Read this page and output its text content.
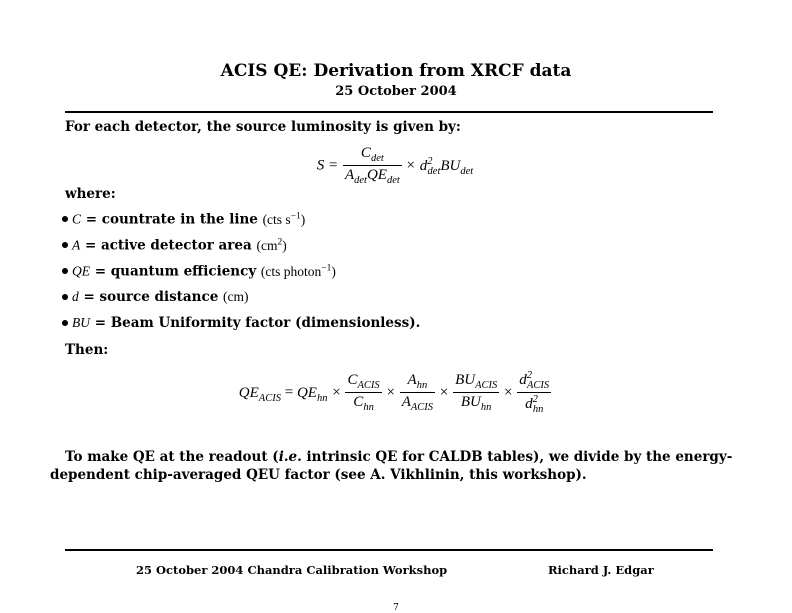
ACIS QE: Derivation from XRCF data
25 October 2004
For each detector, the source luminosity is given by:
$S = \frac{C_{det}}{A_{det}QE_{det}} \times d^2_{det}BU_{det}$
where:
C = countrate in the line (cts $s^{-1}$)
A = active detector area $(cm^2)$
QE = quantum efficiency (cts photon$^{-1}$)
d = source distance (cm)
BU = Beam Uniformity factor (dimensionless).
Then:
$QE_{ACIS} = QE_{hn} \times \frac{C_{ACIS}}{C_{hn}} \times \frac{A_{hn}}{A_{ACIS}} \times \frac{BU_{ACIS}}{BU_{hn}} \times \frac{d^2_{ACIS}}{d^2_{hn}}$
To make QE at the readout (i.e. intrinsic QE for CALDB tables), we divide by the energy-
dependent chip-averaged QEU factor (see A. Vikhlinin, this workshop).
25 October 2004 Chandra Calibration Workshop	Richard J. Edgar
7
